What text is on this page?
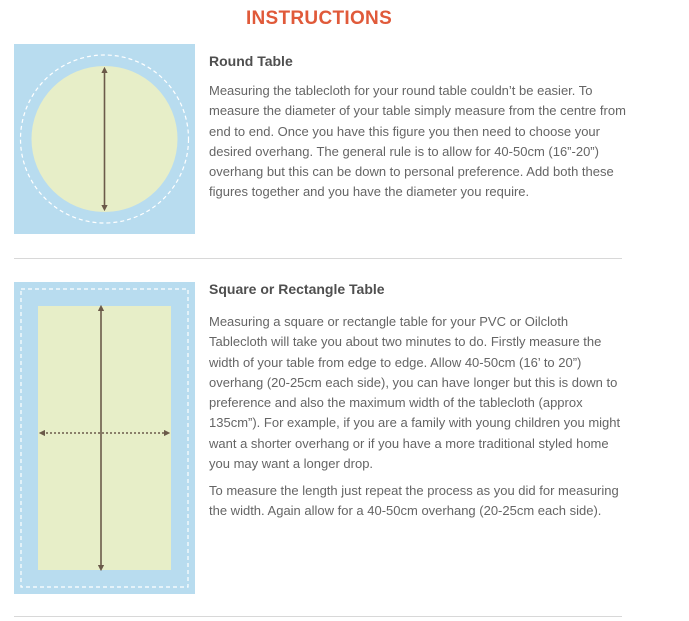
INSTRUCTIONS
Round Table

Measuring the tablecloth for your round table couldn’t be easier. To measure the diameter of your table simply measure from the centre from end to end. Once you have this figure you then need to choose your desired overhang. The general rule is to allow for 40-50cm (16”-20”) overhang but this can be down to personal preference. Add both these figures together and you have the diameter you require.

Square or Rectangle Table

Measuring a square or rectangle table for your PVC or Oilcloth Tablecloth will take you about two minutes to do. Firstly measure the width of your table from edge to edge. Allow 40-50cm (16’ to 20”) overhang (20-25cm each side), you can have longer but this is down to preference and also the maximum width of the tablecloth (approx 135cm”). For example, if you are a family with young children you might want a shorter overhang or if you have a more traditional styled home you may want a longer drop.

To measure the length just repeat the process as you did for measuring the width. Again allow for a 40-50cm overhang (20-25cm each side).
